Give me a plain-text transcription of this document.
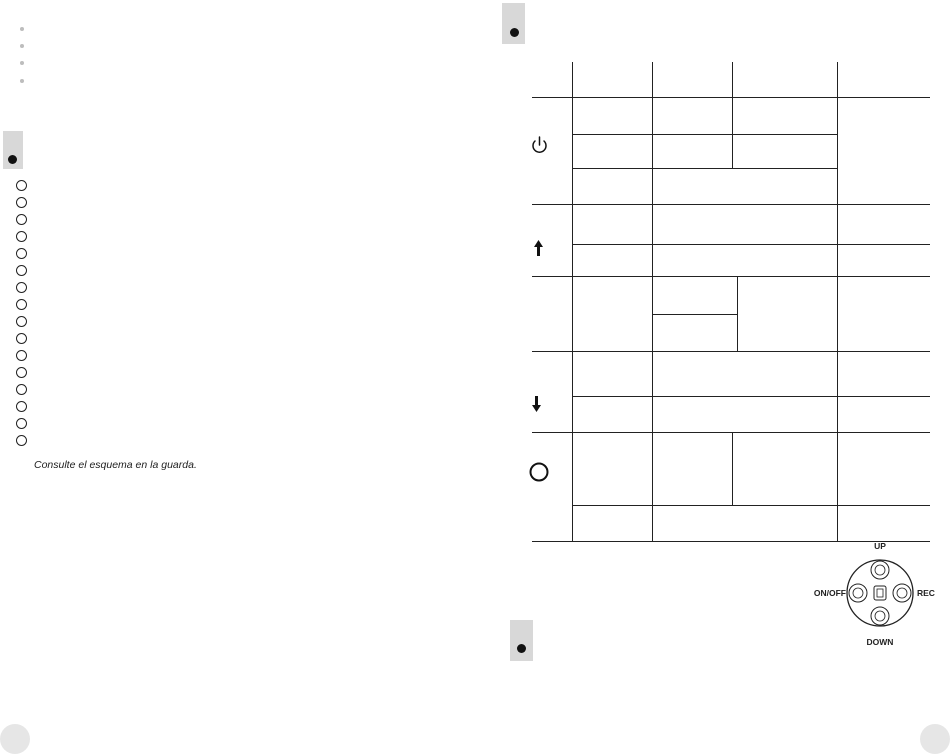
Consulte el esquema en la guarda.
UP
DOWN
ON/OFF	REC
